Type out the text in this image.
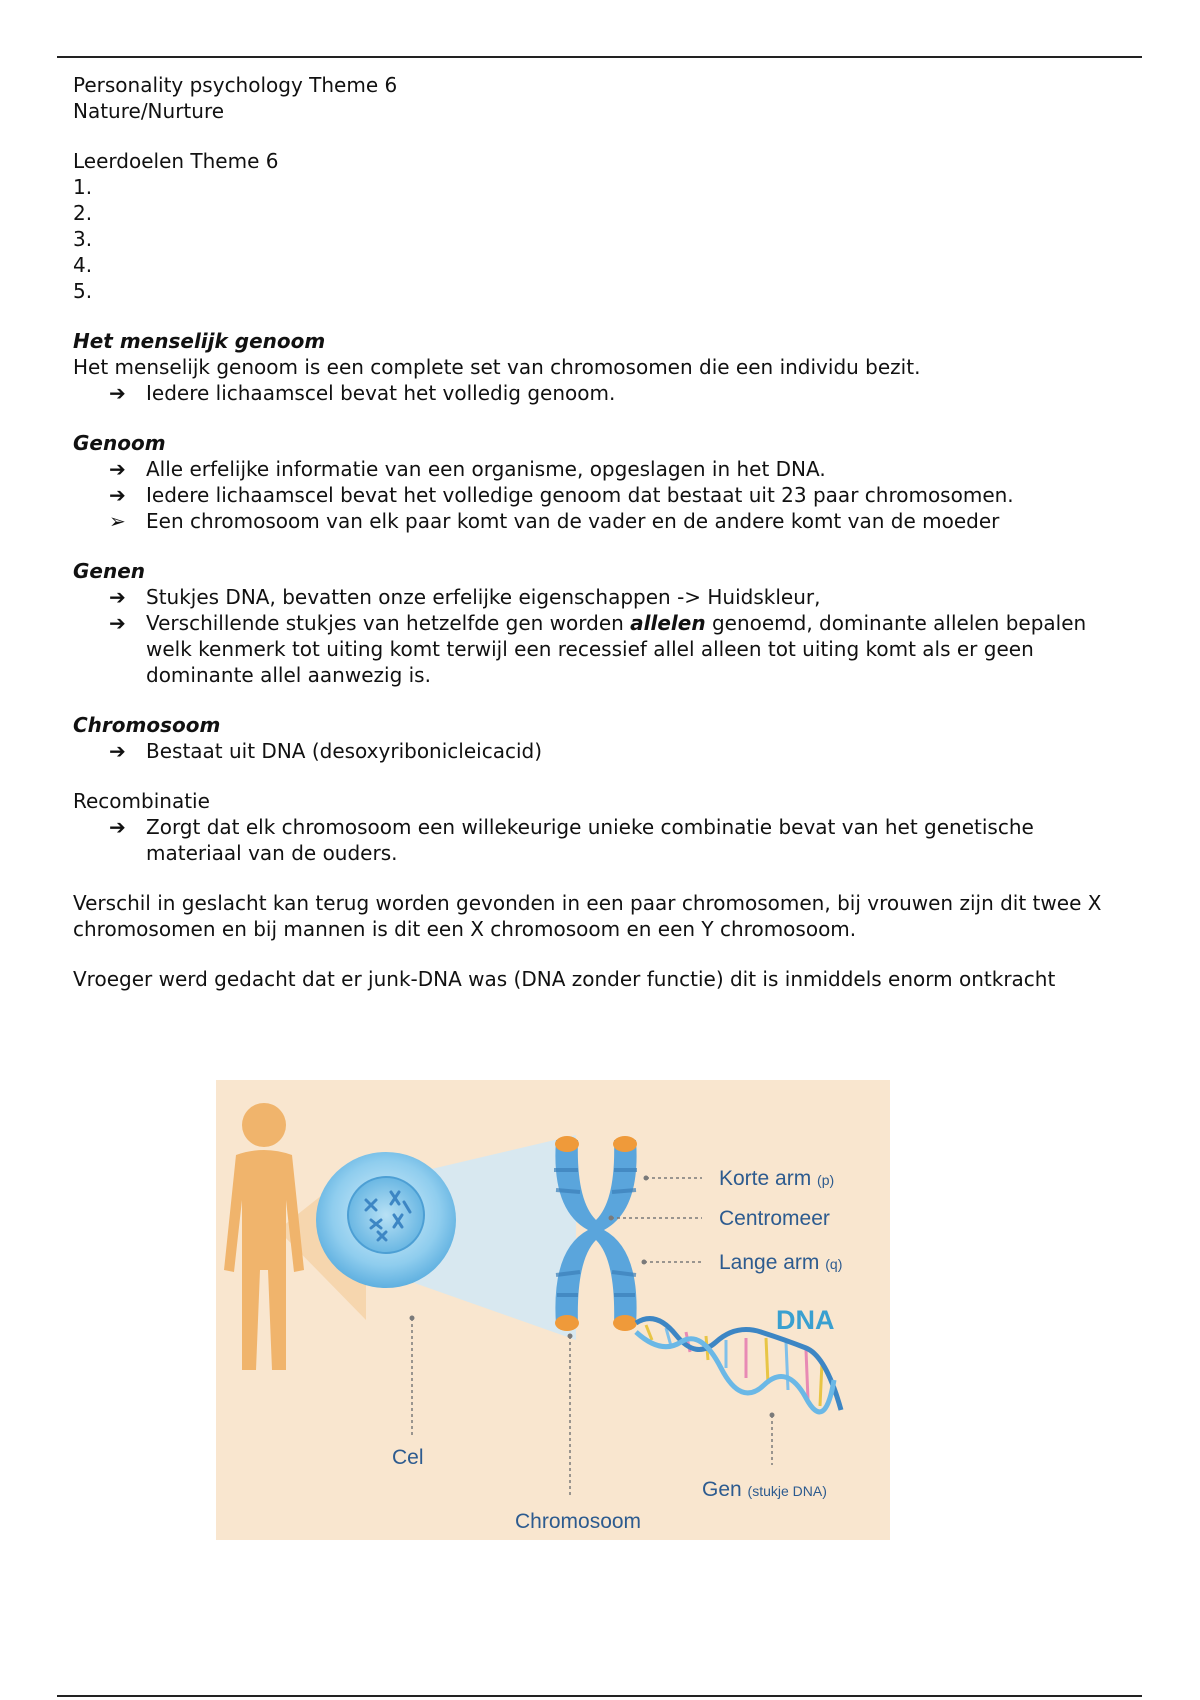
Personality psychology Theme 6

Nature/Nurture

Leerdoelen Theme 6

1.

2.

3.

4.

5.

Het menselijk genoom

Het menselijk genoom is een complete set van chromosomen die een individu bezit.

➔	Iedere lichaamscel bevat het volledig genoom.

Genoom

➔	Alle erfelijke informatie van een organisme, opgeslagen in het DNA.
➔	Iedere lichaamscel bevat het volledige genoom dat bestaat uit 23 paar chromosomen.
➢	Een chromosoom van elk paar komt van de vader en de andere komt van de moeder

Genen

➔	Stukjes DNA, bevatten onze erfelijke eigenschappen -> Huidskleur,
➔	Verschillende stukjes van hetzelfde gen worden allelen genoemd, dominante allelen bepalen welk kenmerk tot uiting komt terwijl een recessief allel alleen tot uiting komt als er geen dominante allel aanwezig is.

Chromosoom

➔	Bestaat uit DNA (desoxyribonicleicacid)

Recombinatie

➔	Zorgt dat elk chromosoom een willekeurige unieke combinatie bevat van het genetische materiaal van de ouders.

Verschil in geslacht kan terug worden gevonden in een paar chromosomen, bij vrouwen zijn dit twee X chromosomen en bij mannen is dit een X chromosoom en een Y chromosoom.

Vroeger werd gedacht dat er junk-DNA was (DNA zonder functie) dit is inmiddels enorm ontkracht

Korte arm (p)
Centromeer
Lange arm (q)
DNA
Cel
Chromosoom
Gen (stukje DNA)
